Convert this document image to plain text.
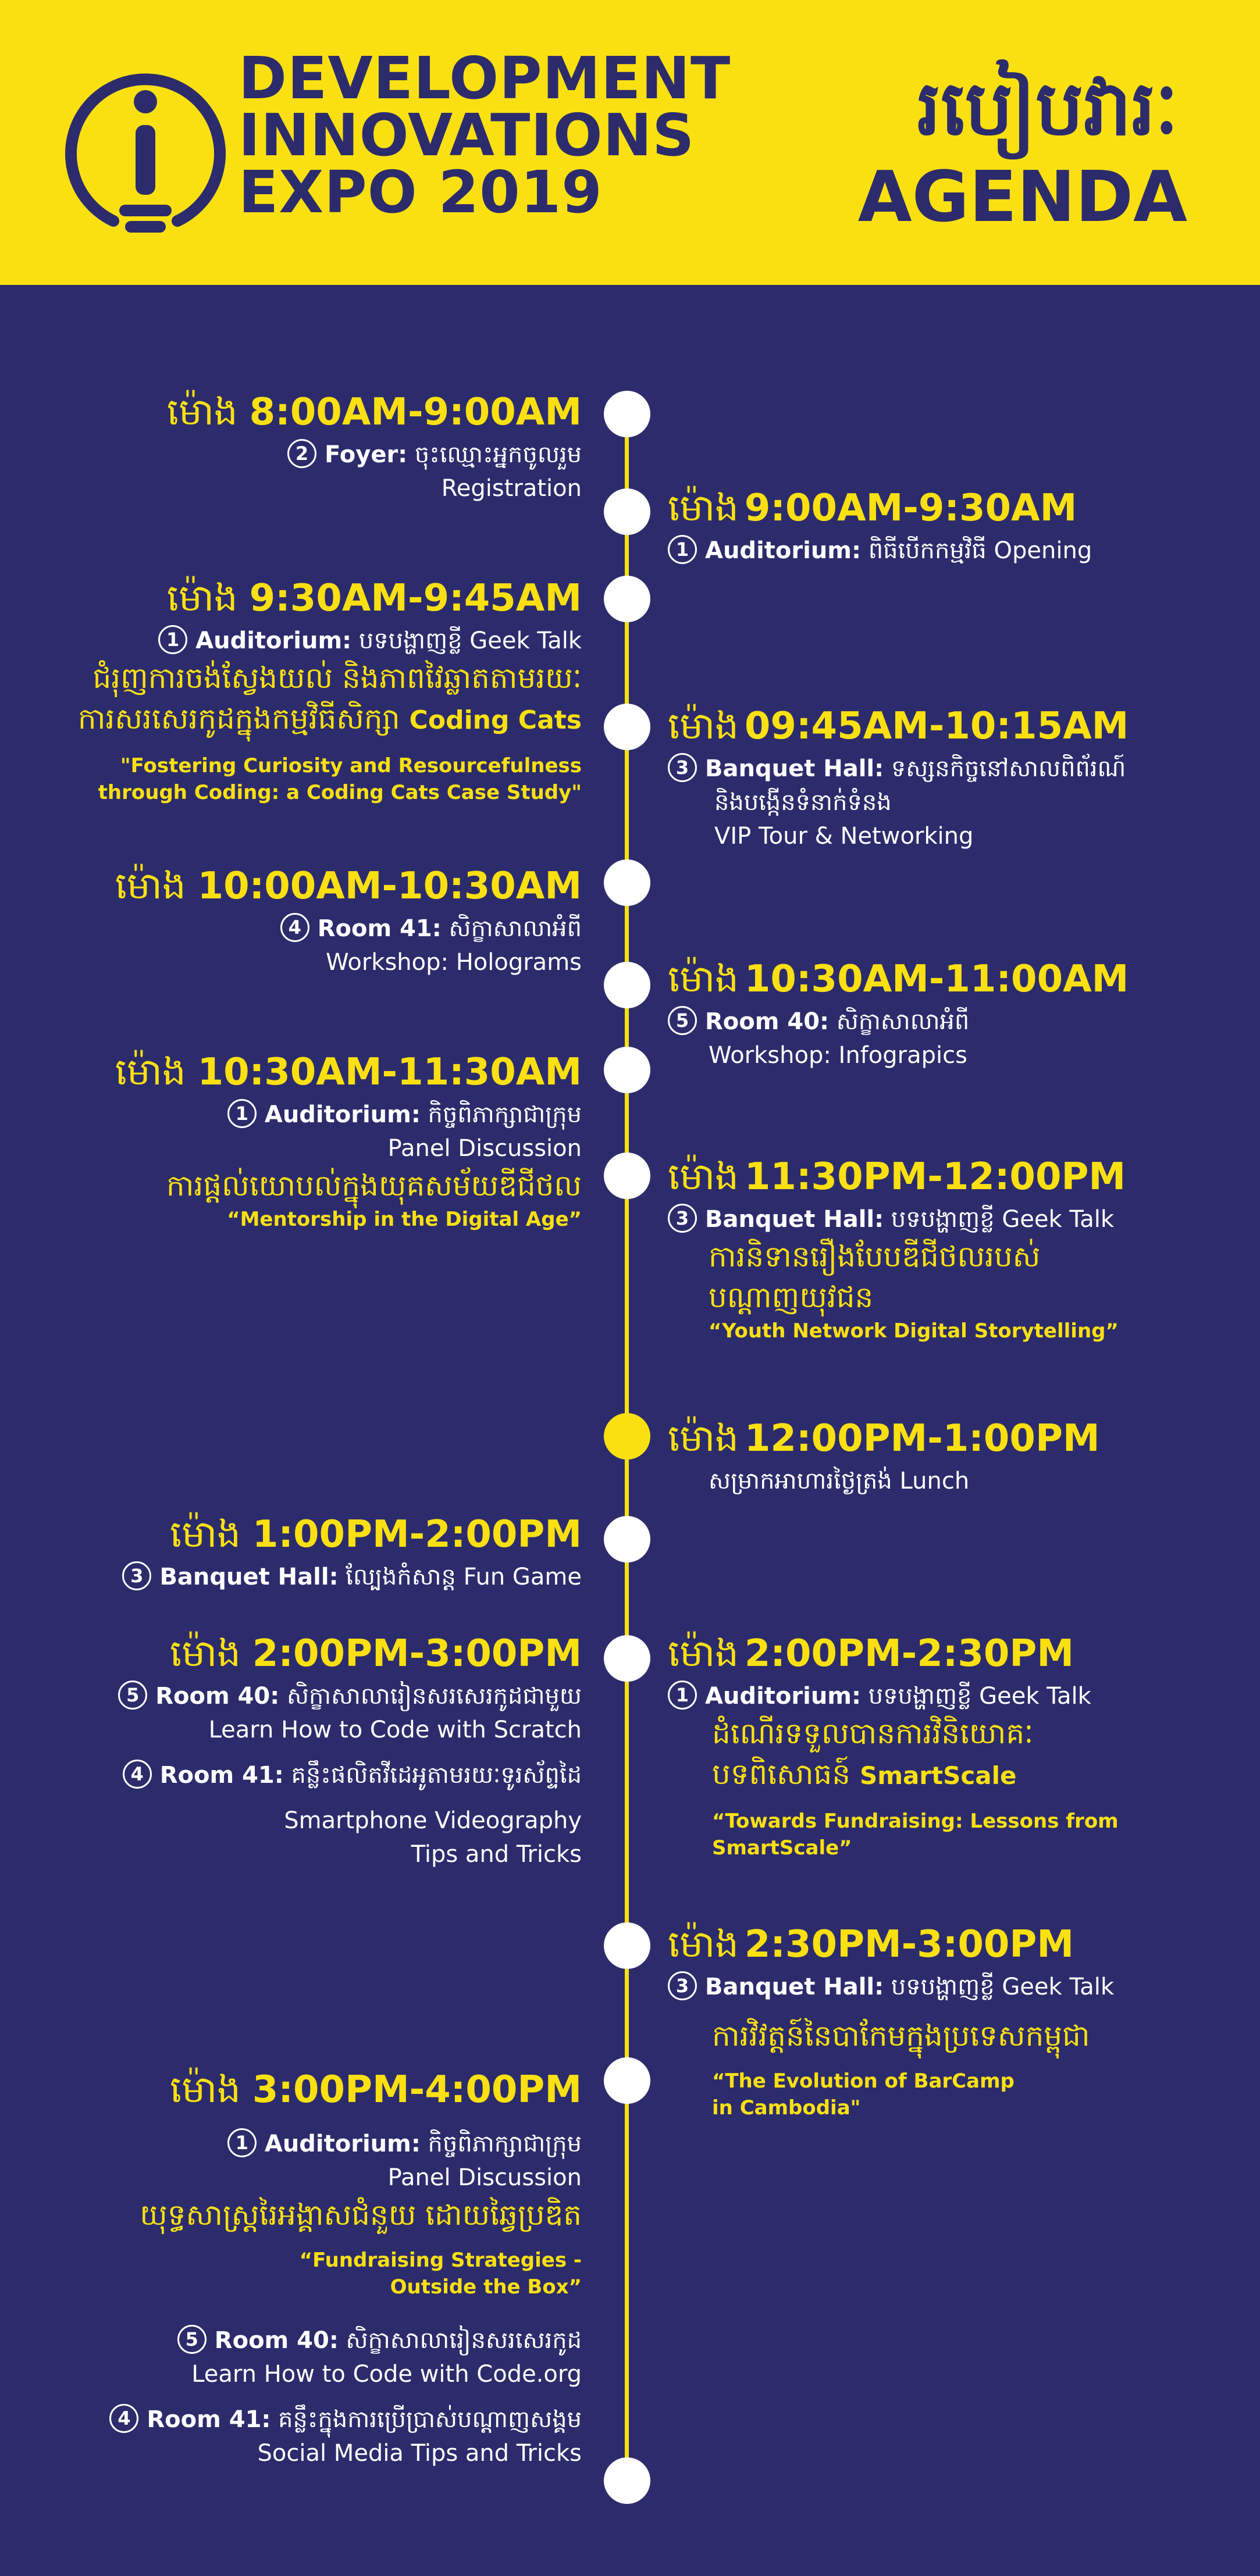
DEVELOPMENT
INNOVATIONS
EXPO 2019
របៀបវារៈ
AGENDA
ម៉ោង 8:00AM-9:00AM
2 Foyer: ចុះឈ្មោះអ្នកចូលរួម
Registration ម៉ោង 9:00AM-9:30AM
1 Auditorium: ពិធីបើកកម្មវិធី Opening
ម៉ោង 9:30AM-9:45AM
1 Auditorium: បទបង្ហាញខ្លី Geek Talk
ជំរុញការចង់ស្វែងយល់ និងភាពវៃឆ្លាតតាមរយៈ
ការសរសេរកូដក្នុងកម្មវិធីសិក្សា Coding Cats
"Fostering Curiosity and Resourcefulness
through Coding: a Coding Cats Case Study"
ម៉ោង 09:45AM-10:15AM
3 Banquet Hall: ទស្សនកិច្ចនៅសាលពិព័រណ៍
និងបង្កើនទំនាក់ទំនង
VIP Tour & Networking
ម៉ោង 10:00AM-10:30AM
4 Room 41: សិក្ខាសាលាអំពី
Workshop: Holograms ម៉ោង 10:30AM-11:00AM
5 Room 40: សិក្ខាសាលាអំពី
Workshop: Infograpics
ម៉ោង 10:30AM-11:30AM
1 Auditorium: កិច្ចពិភាក្សាជាក្រុម
Panel Discussion
ការផ្តល់យោបល់ក្នុងយុគសម័យឌីជីថល
“Mentorship in the Digital Age”
ម៉ោង 11:30PM-12:00PM
3 Banquet Hall: បទបង្ហាញខ្លី Geek Talk
ការនិទានរឿងបែបឌីជីថលរបស់
បណ្តាញយុវជន
“Youth Network Digital Storytelling”
ម៉ោង 12:00PM-1:00PM
សម្រាកអាហារថ្ងៃត្រង់ Lunch
ម៉ោង 1:00PM-2:00PM
3 Banquet Hall: ល្បែងកំសាន្ត Fun Game
ម៉ោង 2:00PM-3:00PM
5 Room 40: សិក្ខាសាលារៀនសរសេរកូដជាមួយ
Learn How to Code with Scratch
4 Room 41: គន្លឹះផលិតវីដេអូតាមរយៈទូរស័ព្ទដៃ
Smartphone Videography
Tips and Tricks
ម៉ោង 2:00PM-2:30PM
1 Auditorium: បទបង្ហាញខ្លី Geek Talk
ដំណើរទទួលបានការវិនិយោគៈ
បទពិសោធន៍ SmartScale
“Towards Fundraising: Lessons from
SmartScale”
ម៉ោង 2:30PM-3:00PM
3 Banquet Hall: បទបង្ហាញខ្លី Geek Talk
ការវិវត្តន៍នៃបាកែមក្នុងប្រទេសកម្ពុជា
“The Evolution of BarCamp
in Cambodia"
ម៉ោង 3:00PM-4:00PM
1 Auditorium: កិច្ចពិភាក្សាជាក្រុម
Panel Discussion
យុទ្ធសាស្ត្ររៃអង្គាសជំនួយ ដោយឆ្វៃប្រឌិត
“Fundraising Strategies -
Outside the Box”
5 Room 40: សិក្ខាសាលារៀនសរសេរកូដ
Learn How to Code with Code.org
4 Room 41: គន្លឹះក្នុងការប្រើប្រាស់បណ្តាញសង្គម
Social Media Tips and Tricks
